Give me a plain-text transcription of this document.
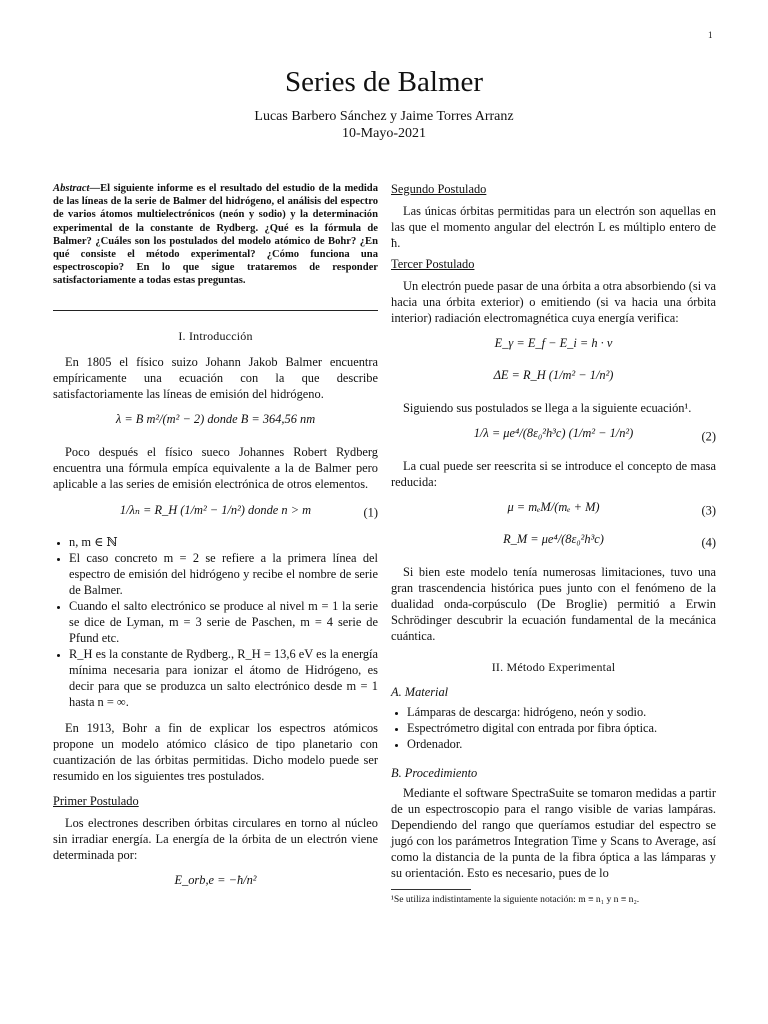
1
Series de Balmer
Lucas Barbero Sánchez y Jaime Torres Arranz
10-Mayo-2021

Abstract—El siguiente informe es el resultado del estudio de la medida de las líneas de la serie de Balmer del hidrógeno, el análisis del espectro de varios átomos multielectrónicos (neón y sodio) y la determinación experimental de la constante de Rydberg. ¿Qué es la fórmula de Balmer? ¿Cuáles son los postulados del modelo atómico de Bohr? ¿En qué consiste el método experimental? ¿Cómo funciona una espectroscopio? En lo que sigue trataremos de responder satisfactoriamente a todas estas preguntas.

I. Introducción

En 1805 el físico suizo Johann Jakob Balmer encuentra empíricamente una ecuación con la que describe satisfactoriamente las líneas de emisión del hidrógeno.

λ = B m²/(m² − 2) donde B = 364,56 nm

Poco después el físico sueco Johannes Robert Rydberg encuentra una fórmula empíca equivalente a la de Balmer pero aplicable a las series de emisión electrónica de otros elementos.

1/λₙ = R_H (1/m² − 1/n²) donde n > m	(1)
• n, m ∈ ℕ
• El caso concreto m = 2 se refiere a la primera línea del espectro de emisión del hidrógeno y recibe el nombre de serie de Balmer.
• Cuando el salto electrónico se produce al nivel m = 1 la serie se dice de Lyman, m = 3 serie de Paschen, m = 4 serie de Pfund etc.
• R_H es la constante de Rydberg., R_H = 13,6 eV es la energía mínima necesaria para ionizar el átomo de Hidrógeno, es decir para que se produzca un salto electrónico desde m = 1 hasta n = ∞.

En 1913, Bohr a fin de explicar los espectros atómicos propone un modelo atómico clásico de tipo planetario con cuantización de las órbitas permitidas. Dicho modelo puede ser resumido en los siguientes tres postulados.

Primer Postulado

Los electrones describen órbitas circulares en torno al núcleo sin irradiar energía. La energía de la órbita de un electrón viene determinada por:

E_orb,e = −ħ/n²
Segundo Postulado

Las únicas órbitas permitidas para un electrón son aquellas en las que el momento angular del electrón L es múltiplo entero de ħ.

Tercer Postulado

Un electrón puede pasar de una órbita a otra absorbiendo (si va hacia una órbita exterior) o emitiendo (si va hacia una órbita interior) radiación electromagnética cuya energía verifica:

E_γ = E_f − E_i = h · ν
ΔE = R_H (1/m² − 1/n²)

Siguiendo sus postulados se llega a la siguiente ecuación¹.

1/λ = μe⁴/(8ε₀²h³c) (1/m² − 1/n²)	(2)

La cual puede ser reescrita si se introduce el concepto de masa reducida:

μ = mₑM/(mₑ + M)	(3)
R_M = μe⁴/(8ε₀²h³c)	(4)

Si bien este modelo tenía numerosas limitaciones, tuvo una gran trascendencia histórica pues junto con el fenómeno de la dualidad onda-corpúsculo (De Broglie) permitió a Erwin Schrödinger descubrir la ecuación fundamental de la mecánica cuántica.

II. Método Experimental
A. Material
• Lámparas de descarga: hidrógeno, neón y sodio.
• Espectrómetro digital con entrada por fibra óptica.
• Ordenador.
B. Procedimiento

Mediante el software SpectraSuite se tomaron medidas a partir de un espectroscopio para el rango visible de varias lampáras. Dependiendo del rango que queríamos estudiar del espectro se jugó con los parámetros Integration Time y Scans to Average, así como la distancia de la punta de la fibra óptica a las lámparas y su orientación. Esto es necesario, pues de lo

¹Se utiliza indistintamente la siguiente notación: m ≡ n₁ y n ≡ n₂.
